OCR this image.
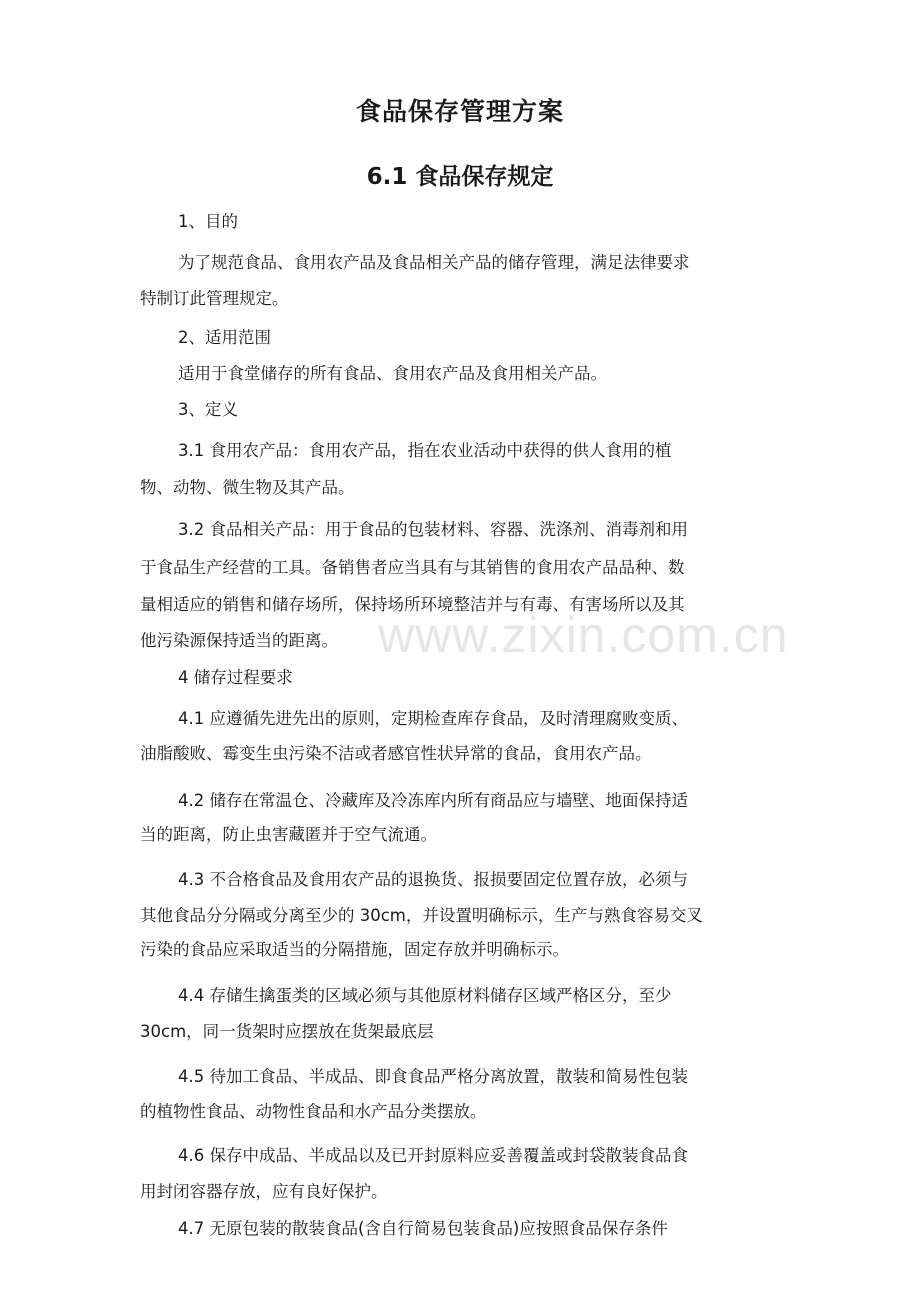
www.zixin.com.cn
食品保存管理方案
6.1 食品保存规定
1、目的
为了规范食品、食用农产品及食品相关产品的储存管理，满足法律要求
特制订此管理规定。
2、适用范围
适用于食堂储存的所有食品、食用农产品及食用相关产品。
3、定义
3.1 食用农产品：食用农产品，指在农业活动中获得的供人食用的植
物、动物、微生物及其产品。
3.2 食品相关产品：用于食品的包装材料、容器、洗涤剂、消毒剂和用
于食品生产经营的工具。备销售者应当具有与其销售的食用农产品品种、数
量相适应的销售和储存场所，保持场所环境整洁并与有毒、有害场所以及其
他污染源保持适当的距离。
4 储存过程要求
4.1 应遵循先进先出的原则，定期检查库存食品，及时清理腐败变质、
油脂酸败、霉变生虫污染不洁或者感官性状异常的食品，食用农产品。
4.2 储存在常温仓、冷藏库及冷冻库内所有商品应与墙壁、地面保持适
当的距离，防止虫害藏匿并于空气流通。
4.3 不合格食品及食用农产品的退换货、报损要固定位置存放，必须与
其他食品分分隔或分离至少的 30cm，并设置明确标示，生产与熟食容易交叉
污染的食品应采取适当的分隔措施，固定存放并明确标示。
4.4 存储生擒蛋类的区域必须与其他原材料储存区域严格区分，至少
30cm，同一货架时应摆放在货架最底层
4.5 待加工食品、半成品、即食食品严格分离放置，散装和简易性包装
的植物性食品、动物性食品和水产品分类摆放。
4.6 保存中成品、半成品以及已开封原料应妥善覆盖或封袋散装食品食
用封闭容器存放，应有良好保护。
4.7 无原包装的散装食品(含自行简易包装食品)应按照食品保存条件
